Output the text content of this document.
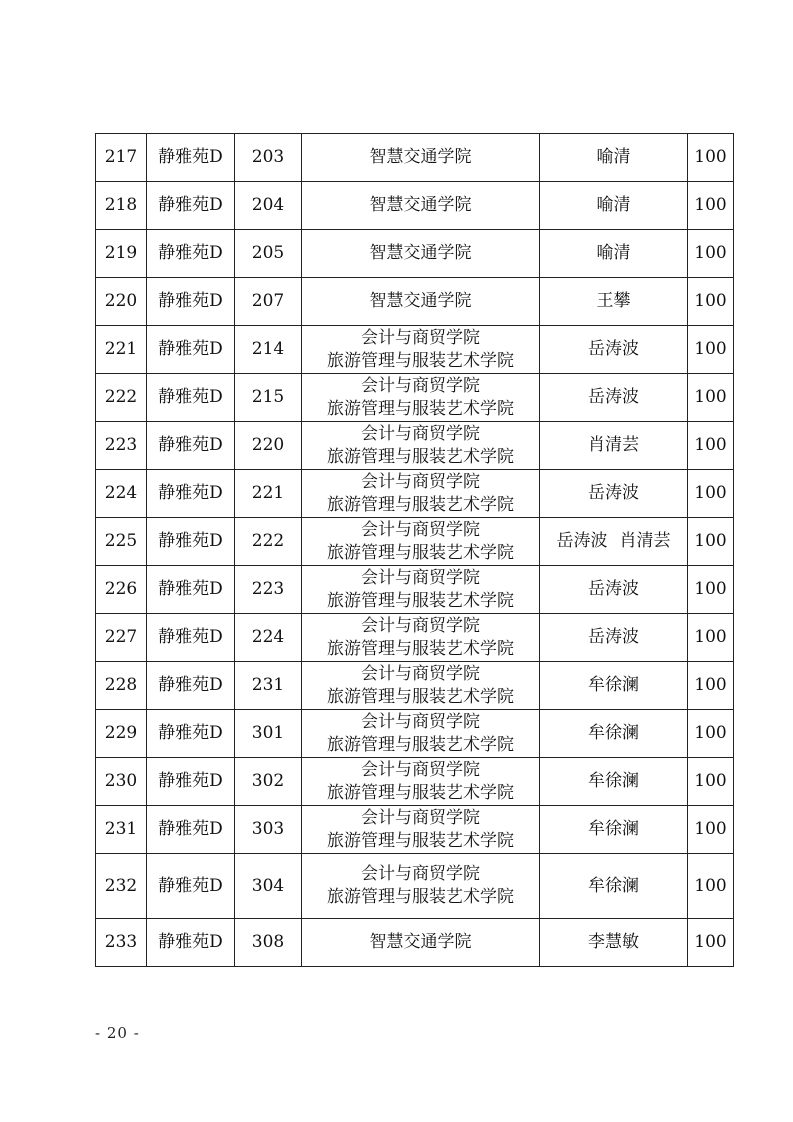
217	静雅苑D	203	智慧交通学院	喻清	100
218	静雅苑D	204	智慧交通学院	喻清	100
219	静雅苑D	205	智慧交通学院	喻清	100
220	静雅苑D	207	智慧交通学院	王攀	100
221	静雅苑D	214	会计与商贸学院
旅游管理与服装艺术学院	岳涛波	100
222	静雅苑D	215	会计与商贸学院
旅游管理与服装艺术学院	岳涛波	100
223	静雅苑D	220	会计与商贸学院
旅游管理与服装艺术学院	肖清芸	100
224	静雅苑D	221	会计与商贸学院
旅游管理与服装艺术学院	岳涛波	100
225	静雅苑D	222	会计与商贸学院
旅游管理与服装艺术学院	岳涛波 肖清芸	100
226	静雅苑D	223	会计与商贸学院
旅游管理与服装艺术学院	岳涛波	100
227	静雅苑D	224	会计与商贸学院
旅游管理与服装艺术学院	岳涛波	100
228	静雅苑D	231	会计与商贸学院
旅游管理与服装艺术学院	牟徐澜	100
229	静雅苑D	301	会计与商贸学院
旅游管理与服装艺术学院	牟徐澜	100
230	静雅苑D	302	会计与商贸学院
旅游管理与服装艺术学院	牟徐澜	100
231	静雅苑D	303	会计与商贸学院
旅游管理与服装艺术学院	牟徐澜	100
232	静雅苑D	304	会计与商贸学院
旅游管理与服装艺术学院	牟徐澜	100
233	静雅苑D	308	智慧交通学院	李慧敏	100
- 20 -
